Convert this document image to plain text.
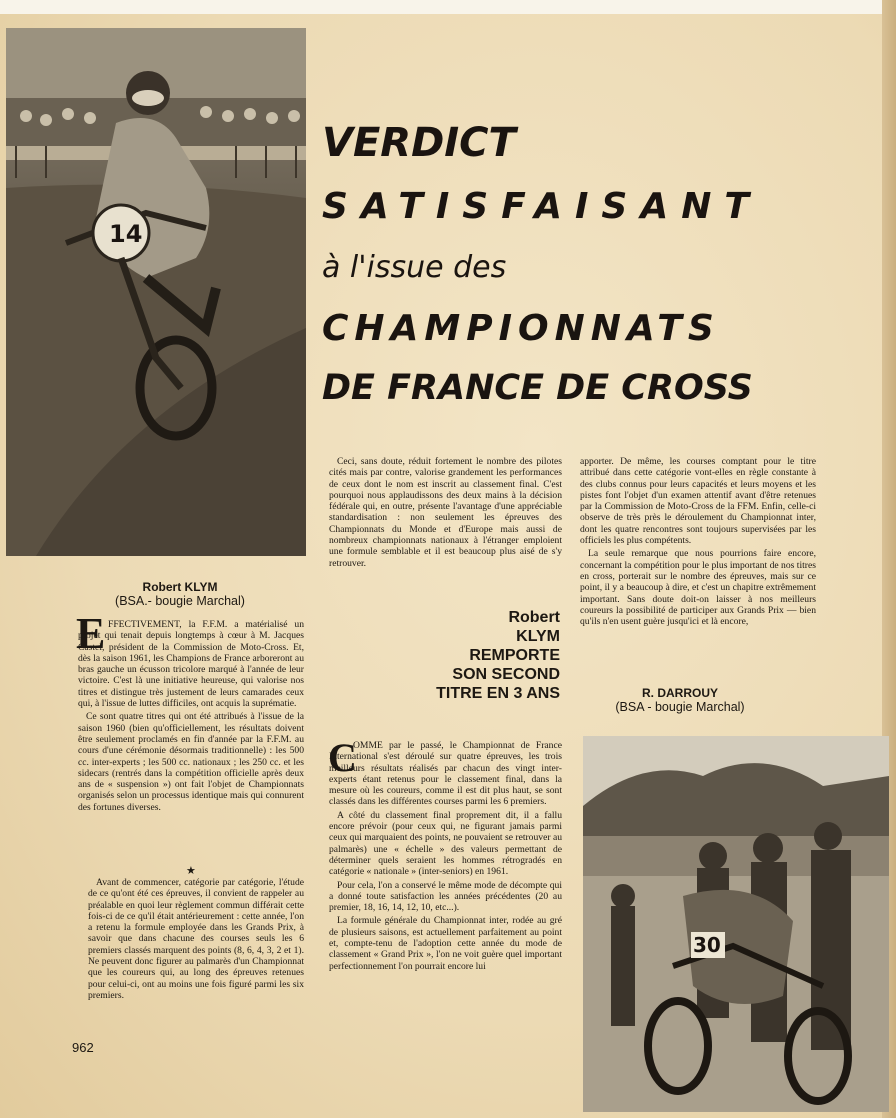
14
VERDICT
SATISFAISANT
à l'issue des
CHAMPIONNATS
DE FRANCE DE CROSS
Robert KLYM
(BSA.- bougie Marchal)
E FFECTIVEMENT, la F.F.M. a matérialisé un projet qui tenait depuis longtemps à cœur à M. Jacques Castel, président de la Commission de Moto-Cross. Et, dès la saison 1961, les Champions de France arboreront au bras gauche un écusson tricolore marqué à l'année de leur victoire. C'est là une initiative heureuse, qui valorise nos titres et distingue très justement de leurs camarades ceux qui, à l'issue de luttes difficiles, ont acquis la suprématie.

Ce sont quatre titres qui ont été attribués à l'issue de la saison 1960 (bien qu'officiellement, les résultats doivent être seulement proclamés en fin d'année par la F.F.M. au cours d'une cérémonie désormais traditionnelle) : les 500 cc. inter-experts ; les 500 cc. nationaux ; les 250 cc. et les sidecars (rentrés dans la compétition officielle après deux ans de « suspension ») ont fait l'objet de Championnats organisés selon un processus identique mais qui connurent des fortunes diverses.

★

Avant de commencer, catégorie par catégorie, l'étude de ce qu'ont été ces épreuves, il convient de rappeler au préalable en quoi leur règlement commun différait cette fois-ci de ce qu'il était antérieurement : cette année, l'on a retenu la formule employée dans les Grands Prix, à savoir que dans chacune des courses seuls les 6 premiers classés marquent des points (8, 6, 4, 3, 2 et 1). Ne peuvent donc figurer au palmarès d'un Championnat que les coureurs qui, au long des épreuves retenues pour celui-ci, ont au moins une fois figuré parmi les six premiers.

Ceci, sans doute, réduit fortement le nombre des pilotes cités mais par contre, valorise grandement les performances de ceux dont le nom est inscrit au classement final. C'est pourquoi nous applaudissons des deux mains à la décision fédérale qui, en outre, présente l'avantage d'une appréciable standardisation : non seulement les épreuves des Championnats du Monde et d'Europe mais aussi de nombreux championnats nationaux à l'étranger emploient une formule semblable et il est beaucoup plus aisé de s'y retrouver.

Robert
KLYM
REMPORTE
SON SECOND
TITRE EN 3 ANS
C

OMME par le passé, le Championnat de France International s'est déroulé sur quatre épreuves, les trois meilleurs résultats réalisés par chacun des vingt inter-experts étant retenus pour le classement final, dans la mesure où les coureurs, comme il est dit plus haut, se sont classés dans les différentes courses parmi les 6 premiers.

A côté du classement final proprement dit, il a fallu encore prévoir (pour ceux qui, ne figurant jamais parmi ceux qui marquaient des points, ne pouvaient se retrouver au palmarès) une « échelle » des valeurs permettant de déterminer quels seraient les hommes rétrogradés en catégorie « nationale » (inter-seniors) en 1961.

Pour cela, l'on a conservé le même mode de décompte qui a donné toute satisfaction les années précédentes (20 au premier, 18, 16, 14, 12, 10, etc...).

La formule générale du Championnat inter, rodée au gré de plusieurs saisons, est actuellement parfaitement au point et, compte-tenu de l'adoption cette année du mode de classement « Grand Prix », l'on ne voit guère quel important perfectionnement l'on pourrait encore lui

apporter. De même, les courses comptant pour le titre attribué dans cette catégorie vont-elles en règle constante à des clubs connus pour leurs capacités et leurs moyens et les pistes font l'objet d'un examen attentif avant d'être retenues par la Commission de Moto-Cross de la FFM. Enfin, celle-ci observe de très près le déroulement du Championnat inter, dont les quatre rencontres sont toujours supervisées par les officiels les plus compétents.

La seule remarque que nous pourrions faire encore, concernant la compétition pour le plus important de nos titres en cross, porterait sur le nombre des épreuves, mais sur ce point, il y a beaucoup à dire, et c'est un chapitre extrêmement important. Sans doute doit-on laisser à nos meilleurs coureurs la possibilité de participer aux Grands Prix — bien qu'ils n'en usent guère jusqu'ici et là encore,

R. DARROUY
(BSA - bougie Marchal)
30
962
